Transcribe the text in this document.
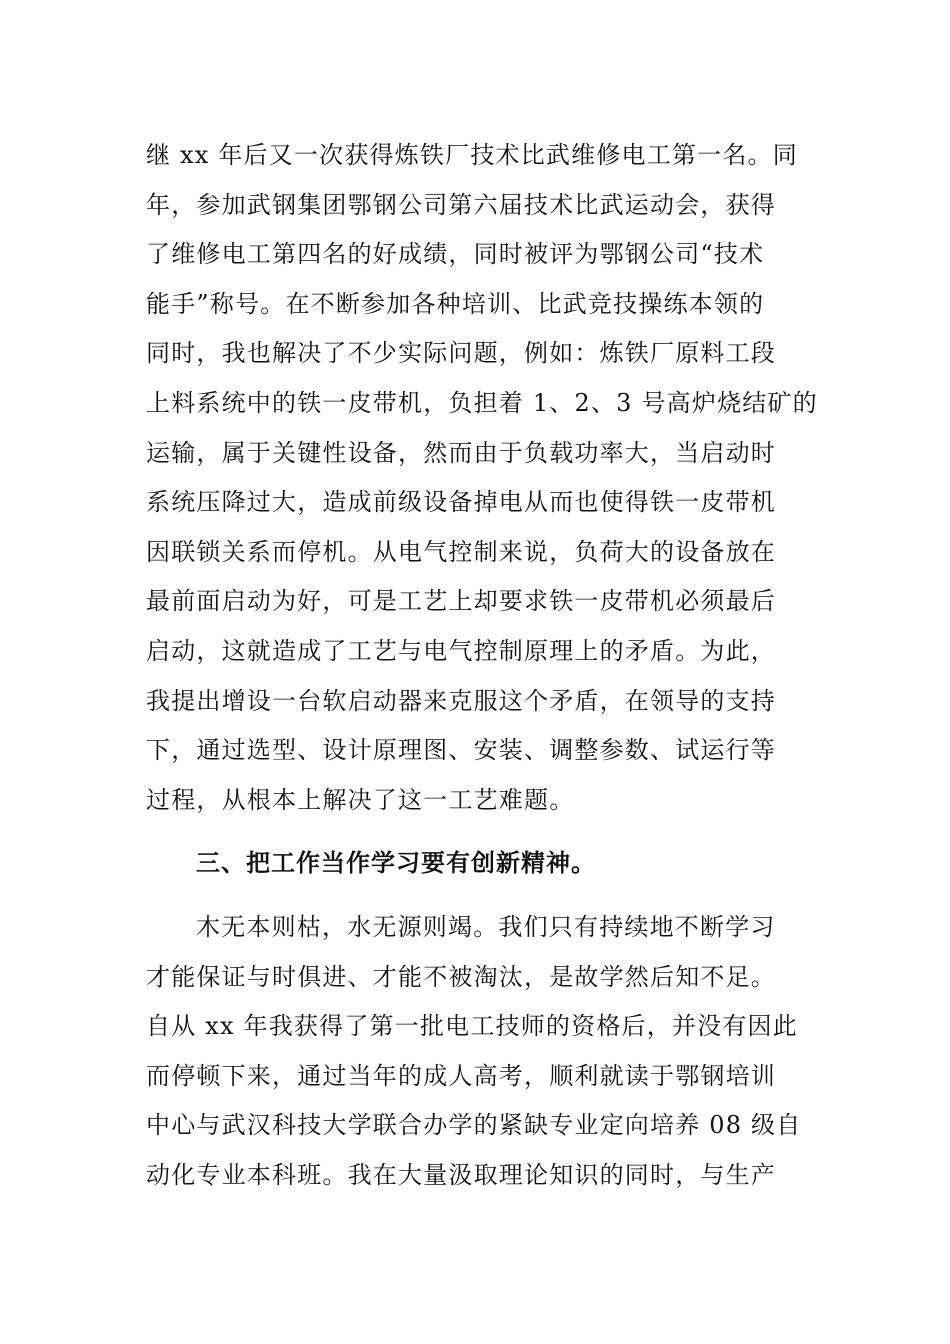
继 xx 年后又一次获得炼铁厂技术比武维修电工第一名。同
年，参加武钢集团鄂钢公司第六届技术比武运动会，获得
了维修电工第四名的好成绩，同时被评为鄂钢公司“技术
能手”称号。在不断参加各种培训、比武竞技操练本领的
同时，我也解决了不少实际问题，例如：炼铁厂原料工段
上料系统中的铁一皮带机，负担着 1、2、3 号高炉烧结矿的
运输，属于关键性设备，然而由于负载功率大，当启动时
系统压降过大，造成前级设备掉电从而也使得铁一皮带机
因联锁关系而停机。从电气控制来说，负荷大的设备放在
最前面启动为好，可是工艺上却要求铁一皮带机必须最后
启动，这就造成了工艺与电气控制原理上的矛盾。为此，
我提出增设一台软启动器来克服这个矛盾，在领导的支持
下，通过选型、设计原理图、安装、调整参数、试运行等
过程，从根本上解决了这一工艺难题。
三、把工作当作学习要有创新精神。
木无本则枯，水无源则竭。我们只有持续地不断学习
才能保证与时俱进、才能不被淘汰，是故学然后知不足。
自从 xx 年我获得了第一批电工技师的资格后，并没有因此
而停顿下来，通过当年的成人高考，顺利就读于鄂钢培训
中心与武汉科技大学联合办学的紧缺专业定向培养 08 级自
动化专业本科班。我在大量汲取理论知识的同时，与生产
